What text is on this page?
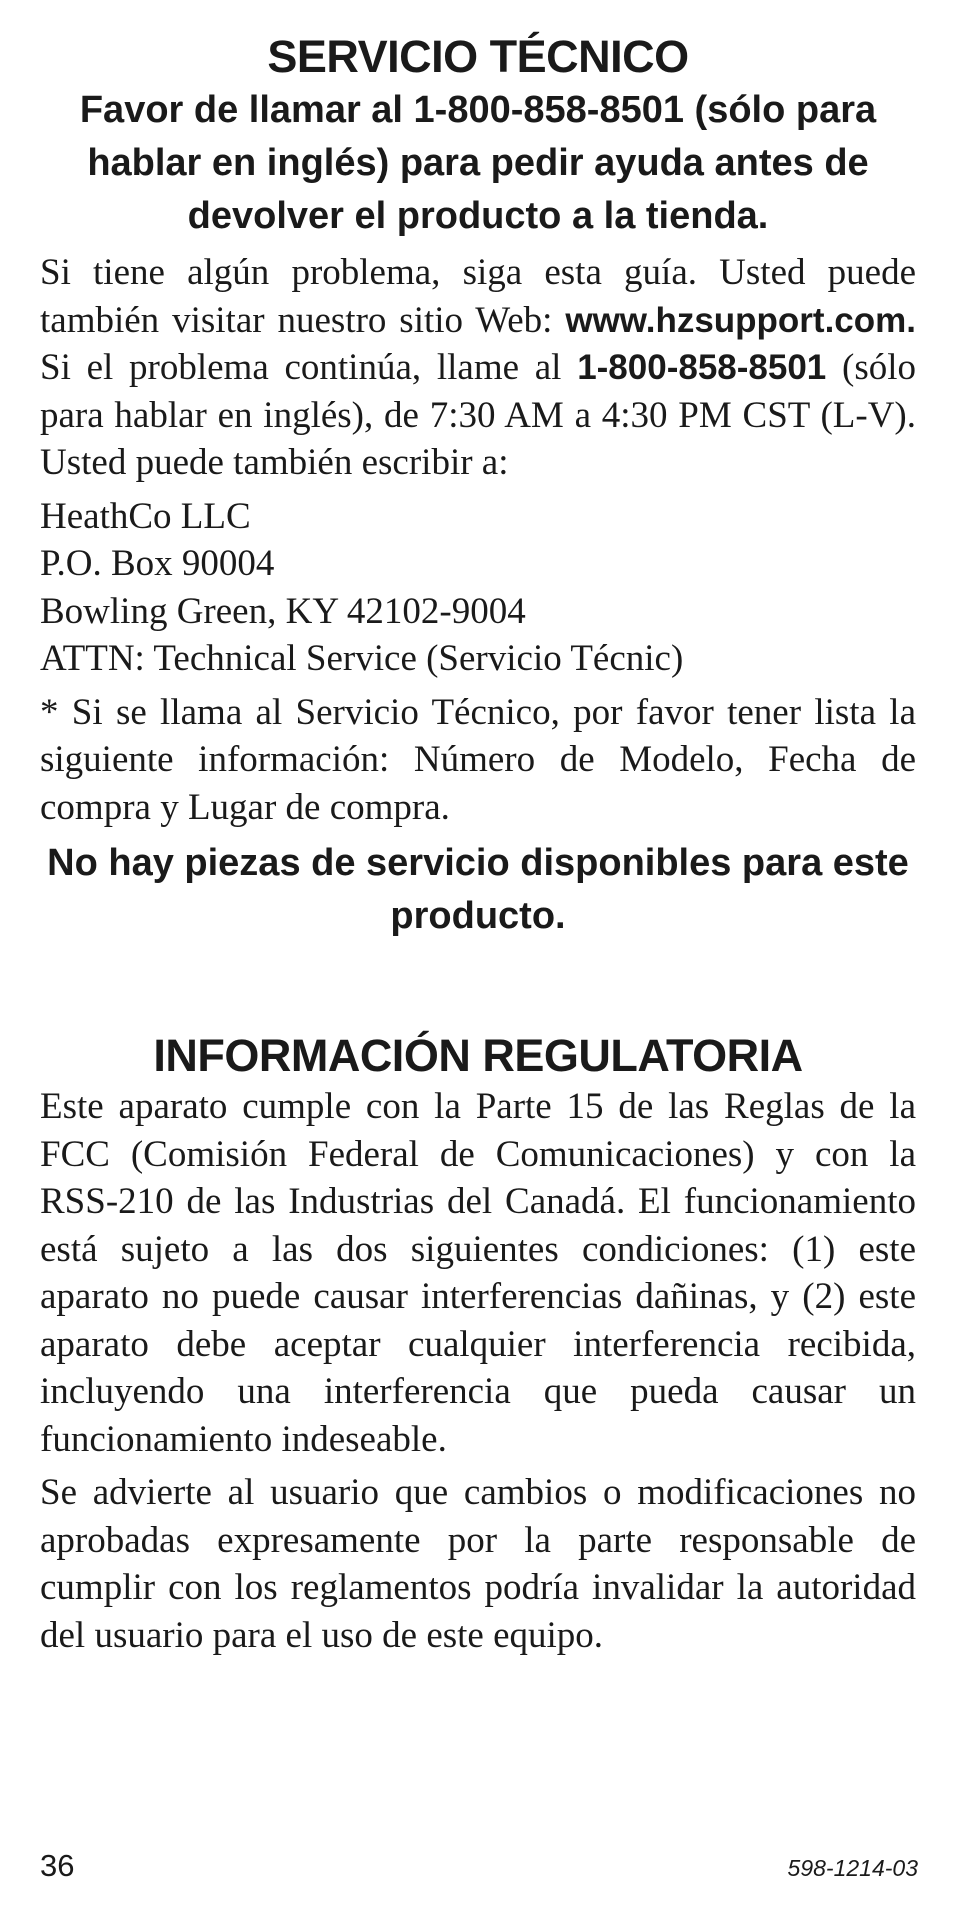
SERVICIO TÉCNICO

Favor de llamar al 1-800-858-8501 (sólo para hablar en inglés) para pedir ayuda antes de devolver el producto a la tienda.

Si tiene algún problema, siga esta guía. Usted puede también visitar nuestro sitio Web: www.hzsupport.com. Si el problema continúa, llame al 1-800-858-8501 (sólo para hablar en inglés), de 7:30 AM a 4:30 PM CST (L-V). Usted puede también escribir a:

HeathCo LLC
P.O. Box 90004
Bowling Green, KY 42102-9004
ATTN: Technical Service (Servicio Técnic)

* Si se llama al Servicio Técnico, por favor tener lista la siguiente información: Número de Modelo, Fecha de compra y Lugar de compra.

No hay piezas de servicio disponibles para este producto.

INFORMACIÓN REGULATORIA

Este aparato cumple con la Parte 15 de las Reglas de la FCC (Comisión Federal de Comunicaciones) y con la RSS-210 de las Industrias del Canadá. El funcionamiento está sujeto a las dos siguientes condiciones: (1) este aparato no puede causar interferencias dañinas, y (2) este aparato debe aceptar cualquier interferencia recibida, incluyendo una interferencia que pueda causar un funcionamiento indeseable.

Se advierte al usuario que cambios o modificaciones no aprobadas expresamente por la parte responsable de cumplir con los reglamentos podría invalidar la autoridad del usuario para el uso de este equipo.

36	598-1214-03
